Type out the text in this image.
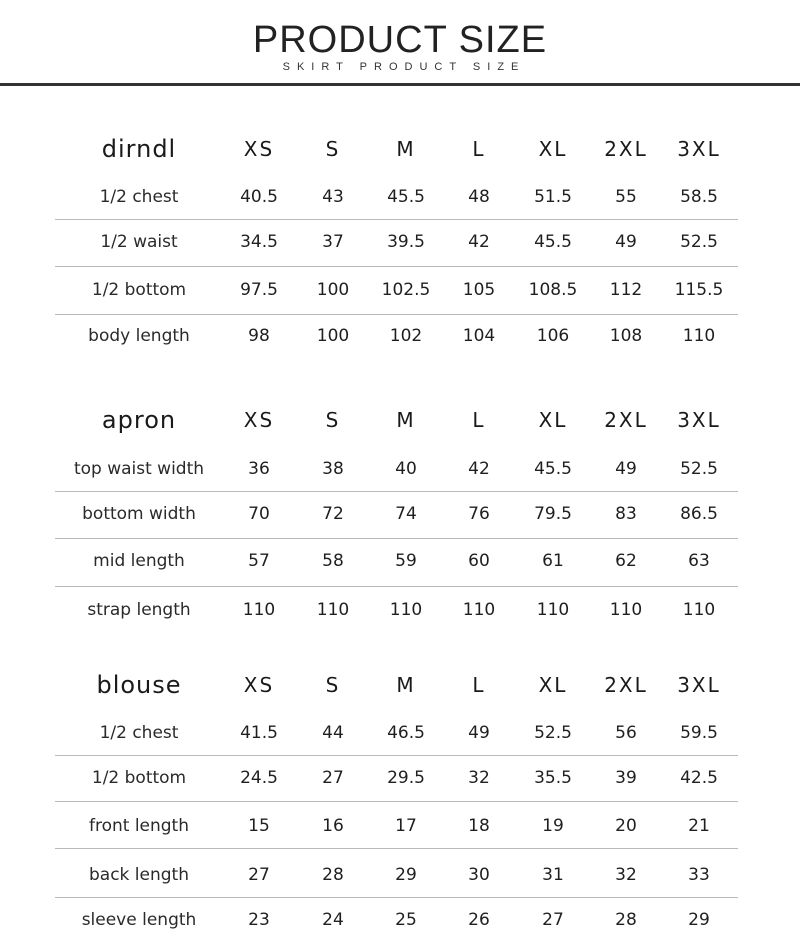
PRODUCT SIZE
SKIRT PRODUCT SIZE
dirndl	XS	S	M	L	XL	2XL	3XL
1/2 chest	40.5	43	45.5	48	51.5	55	58.5
1/2 waist	34.5	37	39.5	42	45.5	49	52.5
1/2 bottom	97.5	100	102.5	105	108.5	112	115.5
body length	98	100	102	104	106	108	110
apron	XS	S	M	L	XL	2XL	3XL
top waist width	36	38	40	42	45.5	49	52.5
bottom width	70	72	74	76	79.5	83	86.5
mid length	57	58	59	60	61	62	63
strap length	110	110	110	110	110	110	110
blouse	XS	S	M	L	XL	2XL	3XL
1/2 chest	41.5	44	46.5	49	52.5	56	59.5
1/2 bottom	24.5	27	29.5	32	35.5	39	42.5
front length	15	16	17	18	19	20	21
back length	27	28	29	30	31	32	33
sleeve length	23	24	25	26	27	28	29
